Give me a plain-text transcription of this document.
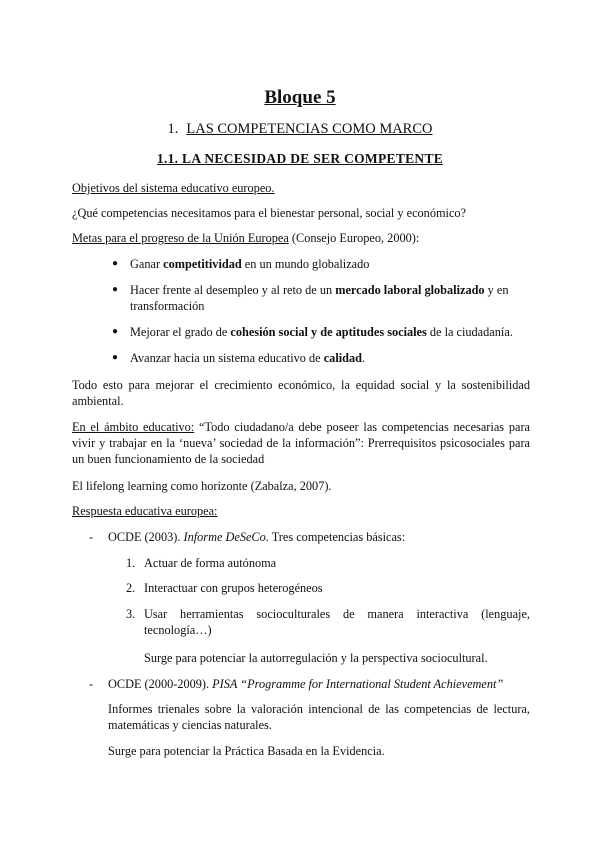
Bloque 5
1. LAS COMPETENCIAS COMO MARCO
1.1. LA NECESIDAD DE SER COMPETENTE

Objetivos del sistema educativo europeo.

¿Qué competencias necesitamos para el bienestar personal, social y económico?

Metas para el progreso de la Unión Europea (Consejo Europeo, 2000):

● Ganar competitividad en un mundo globalizado

● Hacer frente al desempleo y al reto de un mercado laboral globalizado y en transformación

● Mejorar el grado de cohesión social y de aptitudes sociales de la ciudadanía.

● Avanzar hacia un sistema educativo de calidad.

Todo esto para mejorar el crecimiento económico, la equidad social y la sostenibilidad ambiental.

En el ámbito educativo: “Todo ciudadano/a debe poseer las competencias necesarias para vivir y trabajar en la ‘nueva’ sociedad de la información”: Prerrequisitos psicosociales para un buen funcionamiento de la sociedad

El lifelong learning como horizonte (Zabalza, 2007).

Respuesta educativa europea:

- OCDE (2003). Informe DeSeCo. Tres competencias básicas:

1. Actuar de forma autónoma

2. Interactuar con grupos heterogéneos

3. Usar herramientas socioculturales de manera interactiva (lenguaje, tecnología…)

Surge para potenciar la autorregulación y la perspectiva sociocultural.

- OCDE (2000-2009). PISA “Programme for International Student Achievement”

Informes trienales sobre la valoración intencional de las competencias de lectura, matemáticas y ciencias naturales.

Surge para potenciar la Práctica Basada en la Evidencia.
